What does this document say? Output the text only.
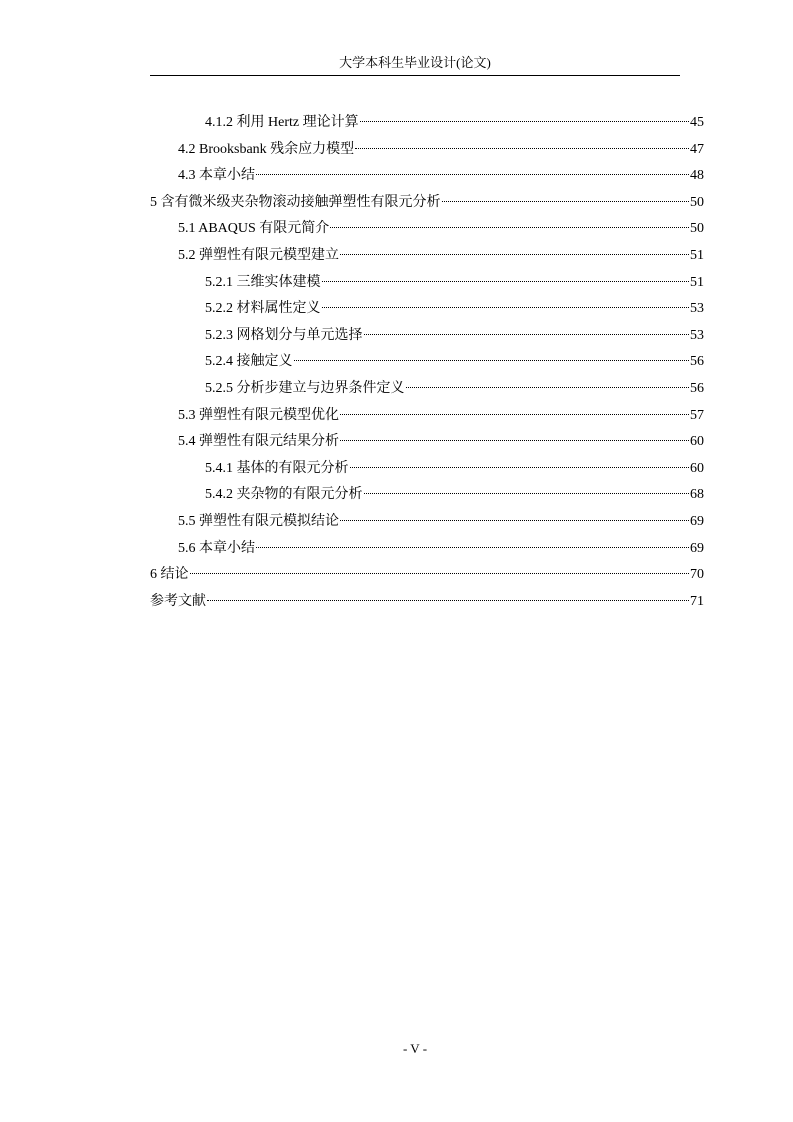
大学本科生毕业设计(论文)
4.1.2 利用 Hertz 理论计算	45
4.2 Brooksbank 残余应力模型	47
4.3 本章小结	48
5 含有微米级夹杂物滚动接触弹塑性有限元分析	50
5.1 ABAQUS 有限元简介	50
5.2 弹塑性有限元模型建立	51
5.2.1 三维实体建模	51
5.2.2 材料属性定义	53
5.2.3 网格划分与单元选择	53
5.2.4 接触定义	56
5.2.5 分析步建立与边界条件定义	56
5.3 弹塑性有限元模型优化	57
5.4 弹塑性有限元结果分析	60
5.4.1 基体的有限元分析	60
5.4.2 夹杂物的有限元分析	68
5.5 弹塑性有限元模拟结论	69
5.6 本章小结	69
6 结论	70
参考文献	71
- V -
